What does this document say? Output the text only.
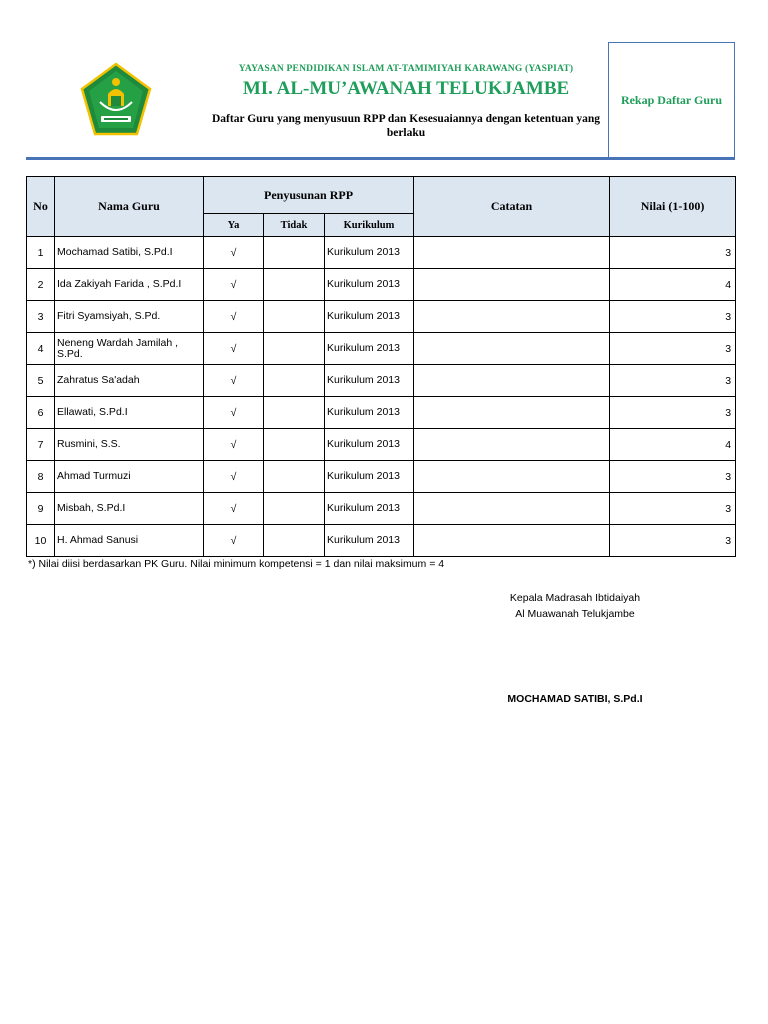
YAYASAN PENDIDIKAN ISLAM AT-TAMIMIYAH KARAWANG (YASPIAT)
MI. AL-MU’AWANAH TELUKJAMBE
Daftar Guru yang menyusuun RPP dan Kesesuaiannya dengan ketentuan yang berlaku
Rekap Daftar Guru
No	Nama Guru	Penyusunan RPP			Catatan	Nilai (1-100)
		Ya	Tidak	Kurikulum		
1	Mochamad Satibi, S.Pd.I	√		Kurikulum 2013		3
2	Ida Zakiyah Farida , S.Pd.I	√		Kurikulum 2013		4
3	Fitri Syamsiyah, S.Pd.	√		Kurikulum 2013		3
4	Neneng Wardah Jamilah , S.Pd.	√		Kurikulum 2013		3
5	Zahratus Sa'adah	√		Kurikulum 2013		3
6	Ellawati, S.Pd.I	√		Kurikulum 2013		3
7	Rusmini, S.S.	√		Kurikulum 2013		4
8	Ahmad Turmuzi	√		Kurikulum 2013		3
9	Misbah, S.Pd.I	√		Kurikulum 2013		3
10	H. Ahmad Sanusi	√		Kurikulum 2013		3
*) Nilai diisi berdasarkan PK Guru. Nilai minimum kompetensi = 1 dan nilai maksimum = 4
Kepala Madrasah Ibtidaiyah
Al Muawanah Telukjambe
MOCHAMAD SATIBI, S.Pd.I
